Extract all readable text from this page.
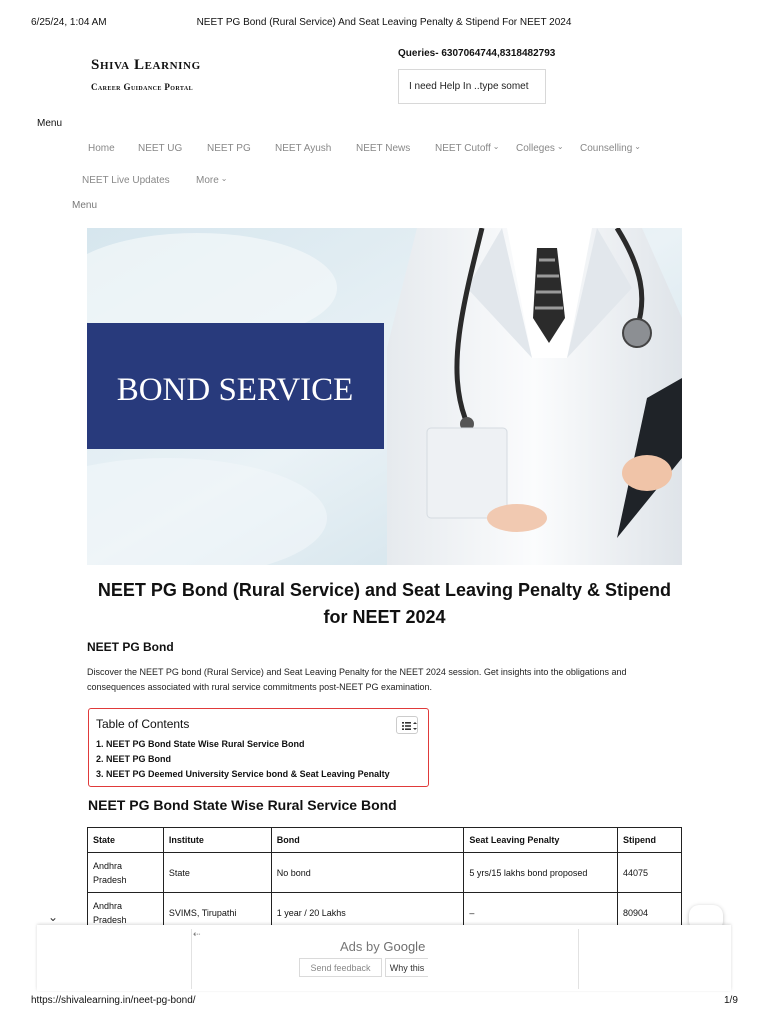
6/25/24, 1:04 AM	NEET PG Bond (Rural Service) And Seat Leaving Penalty & Stipend For NEET 2024
Shiva Learning
Career Guidance Portal
Queries- 6307064744,8318482793
I need Help In ..type somet
Menu
Home NEET UG NEET PG NEET Ayush NEET News NEET Cutoff ⌄ Colleges ⌄ Counselling ⌄
NEET Live Updates	More ⌄
Menu
BOND SERVICE
NEET PG Bond (Rural Service) and Seat Leaving Penalty & Stipend for NEET 2024
NEET PG Bond

Discover the NEET PG bond (Rural Service) and Seat Leaving Penalty for the NEET 2024 session. Get insights into the obligations and consequences associated with rural service commitments post-NEET PG examination.

Table of Contents
1. NEET PG Bond State Wise Rural Service Bond
2. NEET PG Bond
3. NEET PG Deemed University Service bond & Seat Leaving Penalty
NEET PG Bond State Wise Rural Service Bond
State	Institute	Bond	Seat Leaving Penalty	Stipend
Andhra Pradesh	State	No bond	5 yrs/15 lakhs bond proposed	44075
Andhra Pradesh	SVIMS, Tirupathi	1 year / 20 Lakhs	–	80904
⌄
⇠
Ads by Google
Send feedback	Why this
https://shivalearning.in/neet-pg-bond/	1/9
